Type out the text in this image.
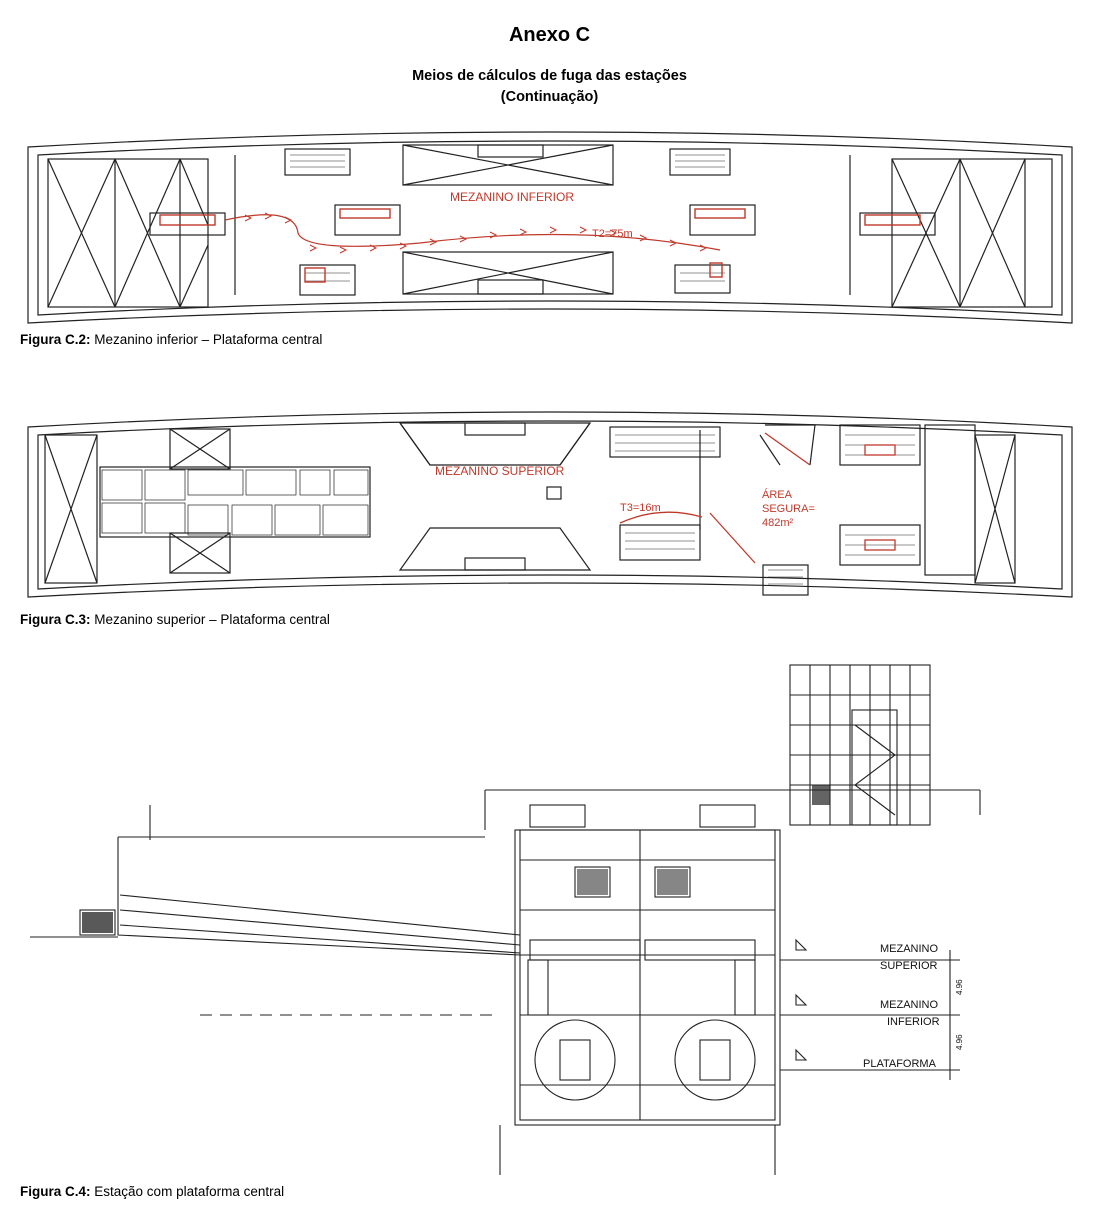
Anexo C
Meios de cálculos de fuga das estações
(Continuação)
MEZANINO INFERIOR
T2=75m
Figura C.2: Mezanino inferior – Plataforma central
MEZANINO SUPERIOR
T3=16m
ÁREA
SEGURA=
482m²
Figura C.3: Mezanino superior – Plataforma central
MEZANINO
SUPERIOR
MEZANINO
INFERIOR
PLATAFORMA
4.96
4.96
Figura C.4: Estação com plataforma central
